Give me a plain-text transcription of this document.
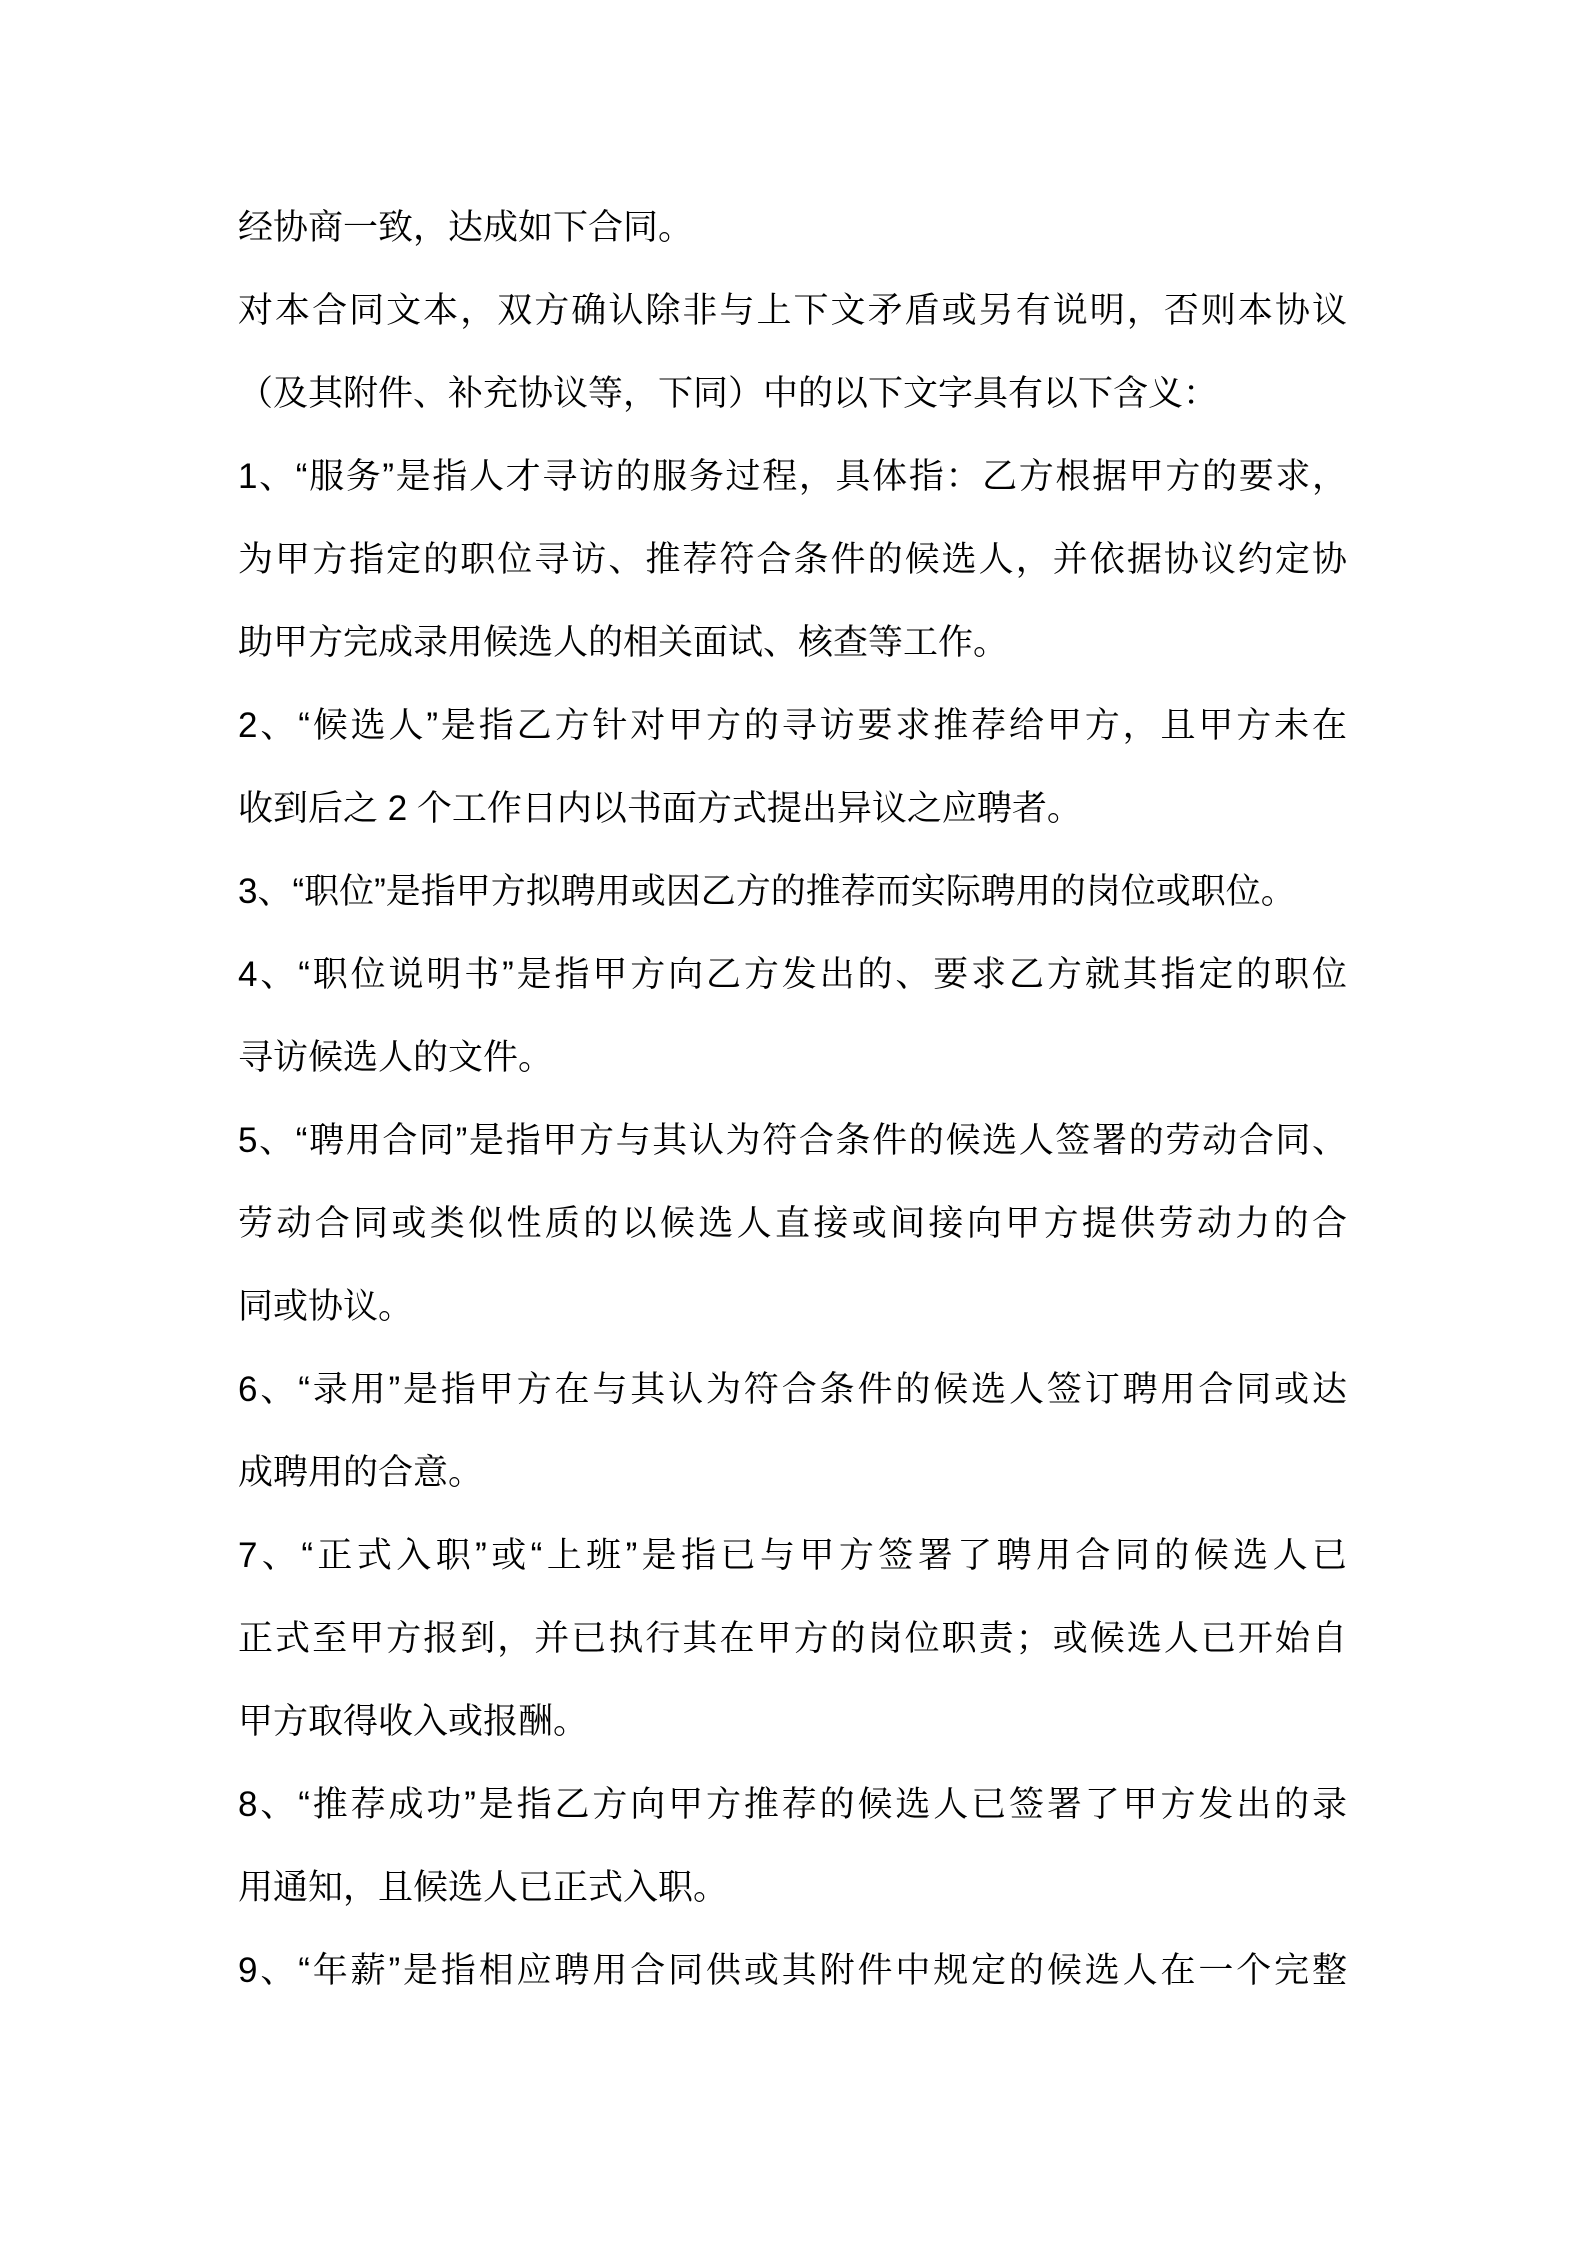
经协商一致，达成如下合同。
对本合同文本，双方确认除非与上下文矛盾或另有说明，否则本协议
（及其附件、补充协议等，下同）中的以下文字具有以下含义：
1、“服务”是指人才寻访的服务过程，具体指：乙方根据甲方的要求，
为甲方指定的职位寻访、推荐符合条件的候选人，并依据协议约定协
助甲方完成录用候选人的相关面试、核查等工作。
2、“候选人”是指乙方针对甲方的寻访要求推荐给甲方，且甲方未在
收到后之 2 个工作日内以书面方式提出异议之应聘者。
3、“职位”是指甲方拟聘用或因乙方的推荐而实际聘用的岗位或职位。
4、“职位说明书”是指甲方向乙方发出的、要求乙方就其指定的职位
寻访候选人的文件。
5、“聘用合同”是指甲方与其认为符合条件的候选人签署的劳动合同、
劳动合同或类似性质的以候选人直接或间接向甲方提供劳动力的合
同或协议。
6、“录用”是指甲方在与其认为符合条件的候选人签订聘用合同或达
成聘用的合意。
7、“正式入职”或“上班”是指已与甲方签署了聘用合同的候选人已
正式至甲方报到，并已执行其在甲方的岗位职责；或候选人已开始自
甲方取得收入或报酬。
8、“推荐成功”是指乙方向甲方推荐的候选人已签署了甲方发出的录
用通知，且候选人已正式入职。
9、“年薪”是指相应聘用合同供或其附件中规定的候选人在一个完整
